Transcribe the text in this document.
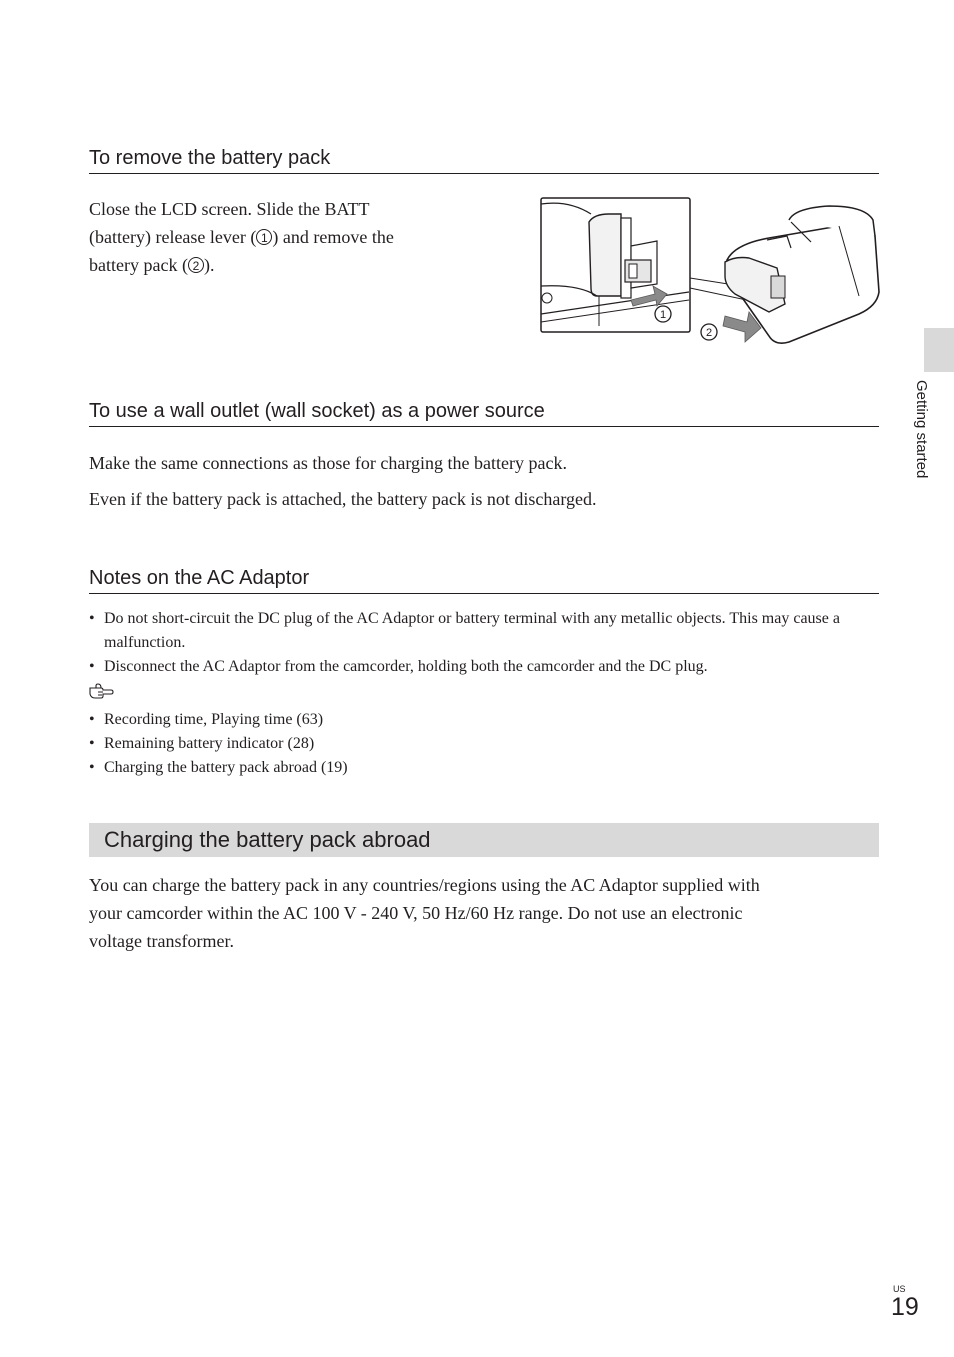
To remove the battery pack

Close the LCD screen. Slide the BATT
(battery) release lever ( 1 ) and remove the
battery pack ( 2 ).

1
2
To use a wall outlet (wall socket) as a power source

Make the same connections as those for charging the battery pack.

Even if the battery pack is attached, the battery pack is not discharged.

Notes on the AC Adaptor
• Do not short-circuit the DC plug of the AC Adaptor or battery terminal with any metallic objects. This may cause a malfunction.
• Disconnect the AC Adaptor from the camcorder, holding both the camcorder and the DC plug.
• Recording time, Playing time (63)
• Remaining battery indicator (28)
• Charging the battery pack abroad (19)
Charging the battery pack abroad

You can charge the battery pack in any countries/regions using the AC Adaptor supplied with
your camcorder within the AC 100 V - 240 V, 50 Hz/60 Hz range. Do not use an electronic
voltage transformer.

Getting started
US
19
